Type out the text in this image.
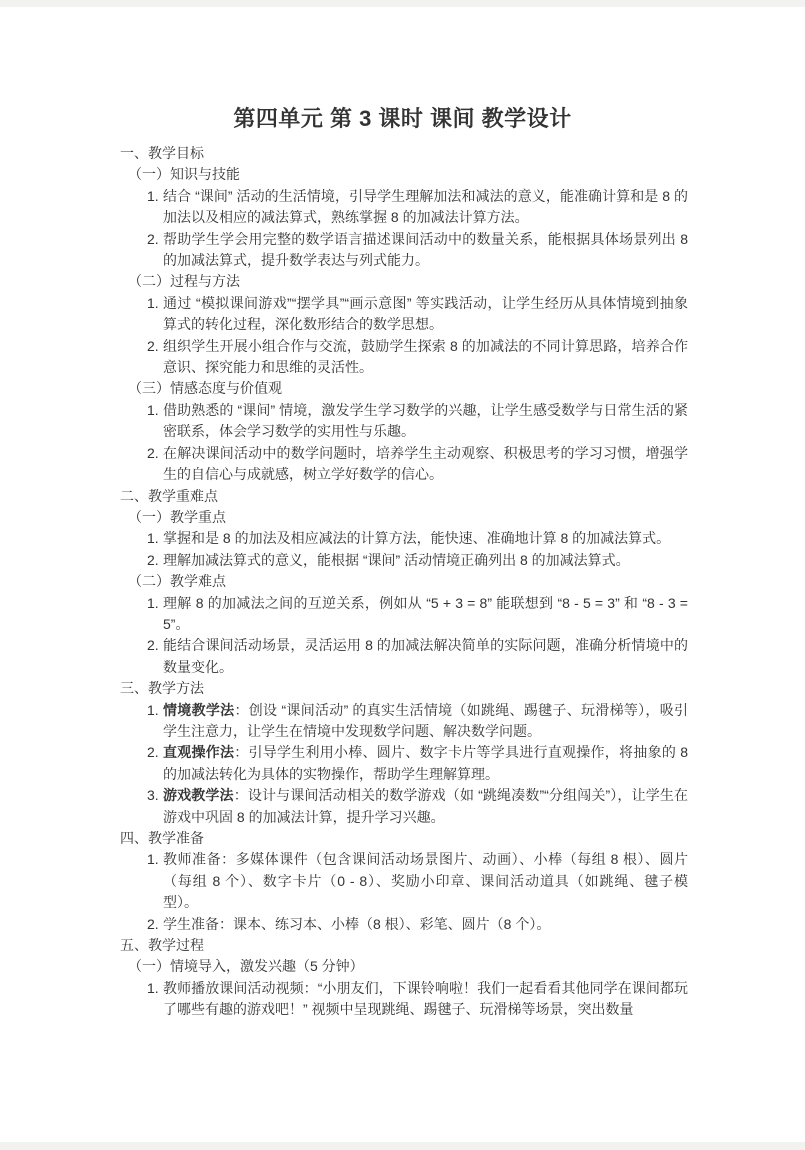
第四单元 第 3 课时 课间 教学设计
一、教学目标
（一）知识与技能
1. 结合 “课间” 活动的生活情境，引导学生理解加法和减法的意义，能准确计算和是 8 的加法以及相应的减法算式，熟练掌握 8 的加减法计算方法。
2. 帮助学生学会用完整的数学语言描述课间活动中的数量关系，能根据具体场景列出 8 的加减法算式，提升数学表达与列式能力。
（二）过程与方法
1. 通过 “模拟课间游戏”“摆学具”“画示意图” 等实践活动，让学生经历从具体情境到抽象算式的转化过程，深化数形结合的数学思想。
2. 组织学生开展小组合作与交流，鼓励学生探索 8 的加减法的不同计算思路，培养合作意识、探究能力和思维的灵活性。
（三）情感态度与价值观
1. 借助熟悉的 “课间” 情境，激发学生学习数学的兴趣，让学生感受数学与日常生活的紧密联系，体会学习数学的实用性与乐趣。
2. 在解决课间活动中的数学问题时，培养学生主动观察、积极思考的学习习惯，增强学生的自信心与成就感，树立学好数学的信心。
二、教学重难点
（一）教学重点
1. 掌握和是 8 的加法及相应减法的计算方法，能快速、准确地计算 8 的加减法算式。
2. 理解加减法算式的意义，能根据 “课间” 活动情境正确列出 8 的加减法算式。
（二）教学难点
1. 理解 8 的加减法之间的互逆关系，例如从 “5 + 3 = 8” 能联想到 “8 - 5 = 3” 和 “8 - 3 = 5”。
2. 能结合课间活动场景，灵活运用 8 的加减法解决简单的实际问题，准确分析情境中的数量变化。
三、教学方法
1. 情境教学法：创设 “课间活动” 的真实生活情境（如跳绳、踢毽子、玩滑梯等），吸引学生注意力，让学生在情境中发现数学问题、解决数学问题。
2. 直观操作法：引导学生利用小棒、圆片、数字卡片等学具进行直观操作，将抽象的 8 的加减法转化为具体的实物操作，帮助学生理解算理。
3. 游戏教学法：设计与课间活动相关的数学游戏（如 “跳绳凑数”“分组闯关”），让学生在游戏中巩固 8 的加减法计算，提升学习兴趣。
四、教学准备
1. 教师准备：多媒体课件（包含课间活动场景图片、动画）、小棒（每组 8 根）、圆片（每组 8 个）、数字卡片（0 - 8）、奖励小印章、课间活动道具（如跳绳、毽子模型）。
2. 学生准备：课本、练习本、小棒（8 根）、彩笔、圆片（8 个）。
五、教学过程
（一）情境导入，激发兴趣（5 分钟）
1. 教师播放课间活动视频：“小朋友们，下课铃响啦！我们一起看看其他同学在课间都玩了哪些有趣的游戏吧！” 视频中呈现跳绳、踢毽子、玩滑梯等场景，突出数量
